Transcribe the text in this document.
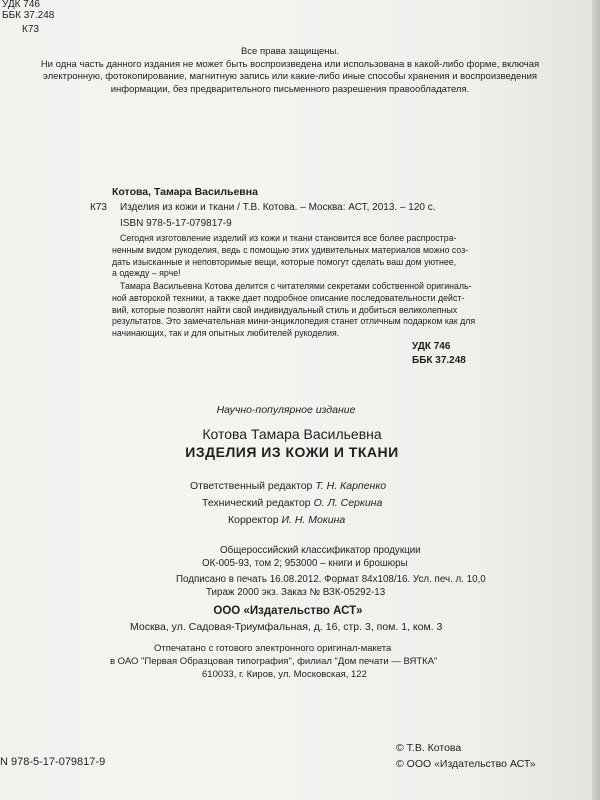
УДК 746
ББК 37.248
К73
Все права защищены.
Ни одна часть данного издания не может быть воспроизведена или использована в какой-либо форме, включая
электронную, фотокопирование, магнитную запись или какие-либо иные способы хранения и воспроизведения
информации, без предварительного письменного разрешения правообладателя.
Котова, Тамара Васильевна
К73 Изделия из кожи и ткани / Т.В. Котова. – Москва: АСТ, 2013. – 120 с.
ISBN 978-5-17-079817-9
Сегодня изготовление изделий из кожи и ткани становится все более распростра-
ненным видом рукоделия, ведь с помощью этих удивительных материалов можно соз-
дать изысканные и неповторимые вещи, которые помогут сделать ваш дом уютнее,
а одежду – ярче!
Тамара Васильевна Котова делится с читателями секретами собственной оригиналь-
ной авторской техники, а также дает подробное описание последовательности дейст-
вий, которые позволят найти свой индивидуальный стиль и добиться великолепных
результатов. Это замечательная мини-энциклопедия станет отличным подарком как для
начинающих, так и для опытных любителей рукоделия.
УДК 746
ББК 37.248
Научно-популярное издание
Котова Тамара Васильевна
ИЗДЕЛИЯ ИЗ КОЖИ И ТКАНИ
Ответственный редактор Т. Н. Карпенко
Технический редактор О. Л. Серкина
Корректор И. Н. Мокина
Общероссийский классификатор продукции
ОК-005-93, том 2; 953000 – книги и брошюры
Подписано в печать 16.08.2012. Формат 84x108/16. Усл. печ. л. 10,0
Тираж 2000 экз. Заказ № ВЗК-05292-13
ООО «Издательство АСТ»
Москва, ул. Садовая-Триумфальная, д. 16, стр. 3, пом. 1, ком. 3
Отпечатано с готового электронного оригинал-макета
в ОАО "Первая Образцовая типография", филиал "Дом печати — ВЯТКА"
610033, г. Киров, ул. Московская, 122
N 978-5-17-079817-9
© Т.В. Котова
© ООО «Издательство АСТ»
